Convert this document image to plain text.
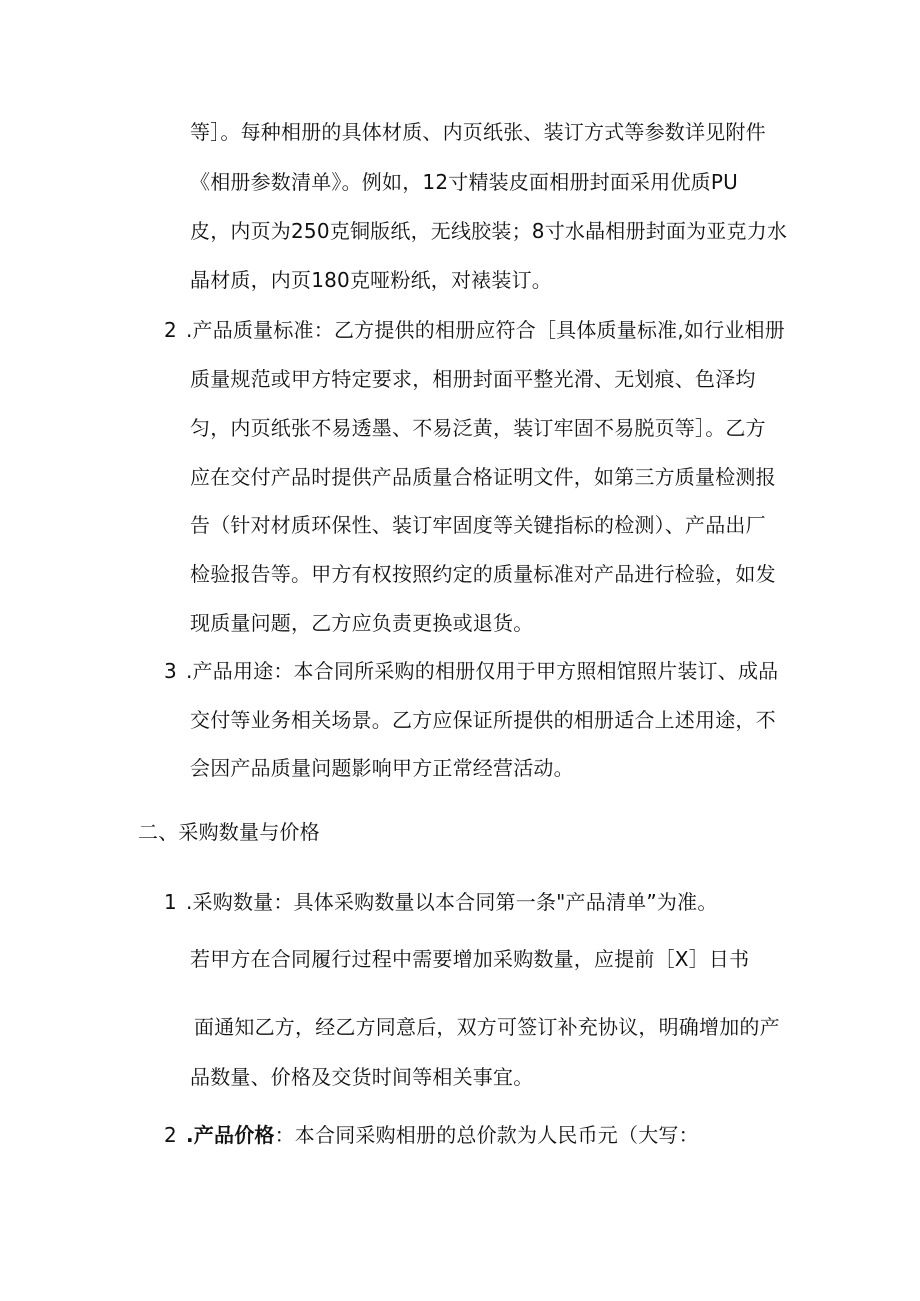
等］。每种相册的具体材质、内页纸张、装订方式等参数详见附件
《相册参数清单》。例如，12寸精装皮面相册封面采用优质PU
皮，内页为250克铜版纸，无线胶装；8寸水晶相册封面为亚克力水
晶材质，内页180克哑粉纸，对裱装订。
2 .产品质量标准：乙方提供的相册应符合［具体质量标准,如行业相册
质量规范或甲方特定要求，相册封面平整光滑、无划痕、色泽均
匀，内页纸张不易透墨、不易泛黄，装订牢固不易脱页等］。乙方
应在交付产品时提供产品质量合格证明文件，如第三方质量检测报
告（针对材质环保性、装订牢固度等关键指标的检测）、产品出厂
检验报告等。甲方有权按照约定的质量标准对产品进行检验，如发
现质量问题，乙方应负责更换或退货。
3 .产品用途：本合同所采购的相册仅用于甲方照相馆照片装订、成品
交付等业务相关场景。乙方应保证所提供的相册适合上述用途，不
会因产品质量问题影响甲方正常经营活动。
二、采购数量与价格
1 .采购数量：具体采购数量以本合同第一条"产品清单”为准。
若甲方在合同履行过程中需要增加采购数量，应提前［X］日书
面通知乙方，经乙方同意后，双方可签订补充协议，明确增加的产
品数量、价格及交货时间等相关事宜。
2 .产品价格：本合同采购相册的总价款为人民币元（大写：
